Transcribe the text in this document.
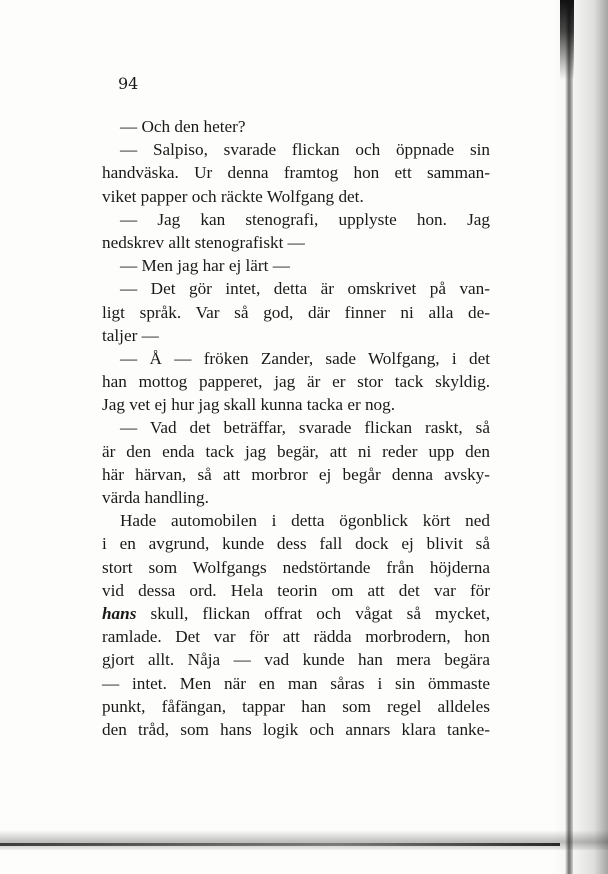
94
— Och den heter?
— Salpiso, svarade flickan och öppnade sin
handväska. Ur denna framtog hon ett samman-
viket papper och räckte Wolfgang det.
— Jag kan stenografi, upplyste hon. Jag
nedskrev allt stenografiskt —
— Men jag har ej lärt —
— Det gör intet, detta är omskrivet på van-
ligt språk. Var så god, där finner ni alla de-
taljer —
— Å — fröken Zander, sade Wolfgang, i det
han mottog papperet, jag är er stor tack skyldig.
Jag vet ej hur jag skall kunna tacka er nog.
— Vad det beträffar, svarade flickan raskt, så
är den enda tack jag begär, att ni reder upp den
här härvan, så att morbror ej begår denna avsky-
värda handling.
Hade automobilen i detta ögonblick kört ned
i en avgrund, kunde dess fall dock ej blivit så
stort som Wolfgangs nedstörtande från höjderna
vid dessa ord. Hela teorin om att det var för
hans skull, flickan offrat och vågat så mycket,
ramlade. Det var för att rädda morbrodern, hon
gjort allt. Nåja — vad kunde han mera begära
— intet. Men när en man såras i sin ömmaste
punkt, fåfängan, tappar han som regel alldeles
den tråd, som hans logik och annars klara tanke-
